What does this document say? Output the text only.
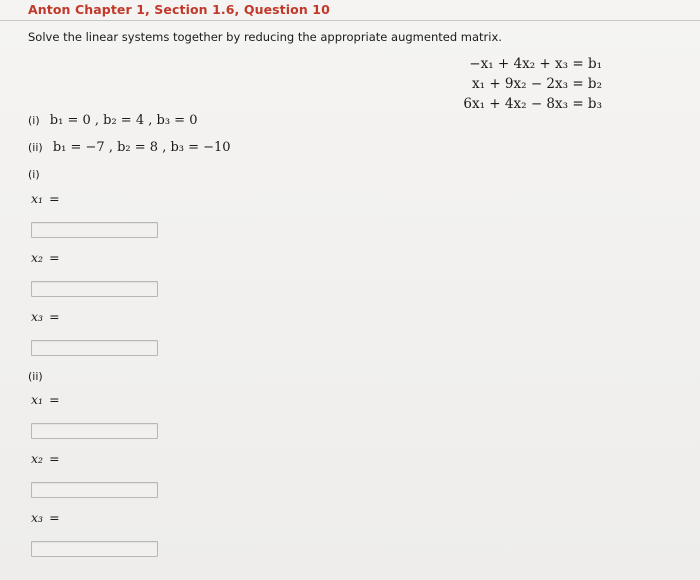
Anton Chapter 1, Section 1.6, Question 10
Solve the linear systems together by reducing the appropriate augmented matrix.
−x₁ + 4x₂ + x₃ = b₁
x₁ + 9x₂ − 2x₃ = b₂
6x₁ + 4x₂ − 8x₃ = b₃
(i) b₁ = 0 , b₂ = 4 , b₃ = 0
(ii) b₁ = −7 , b₂ = 8 , b₃ = −10
(i)
x₁ =
x₂ =
x₃ =
(ii)
x₁ =
x₂ =
x₃ =
